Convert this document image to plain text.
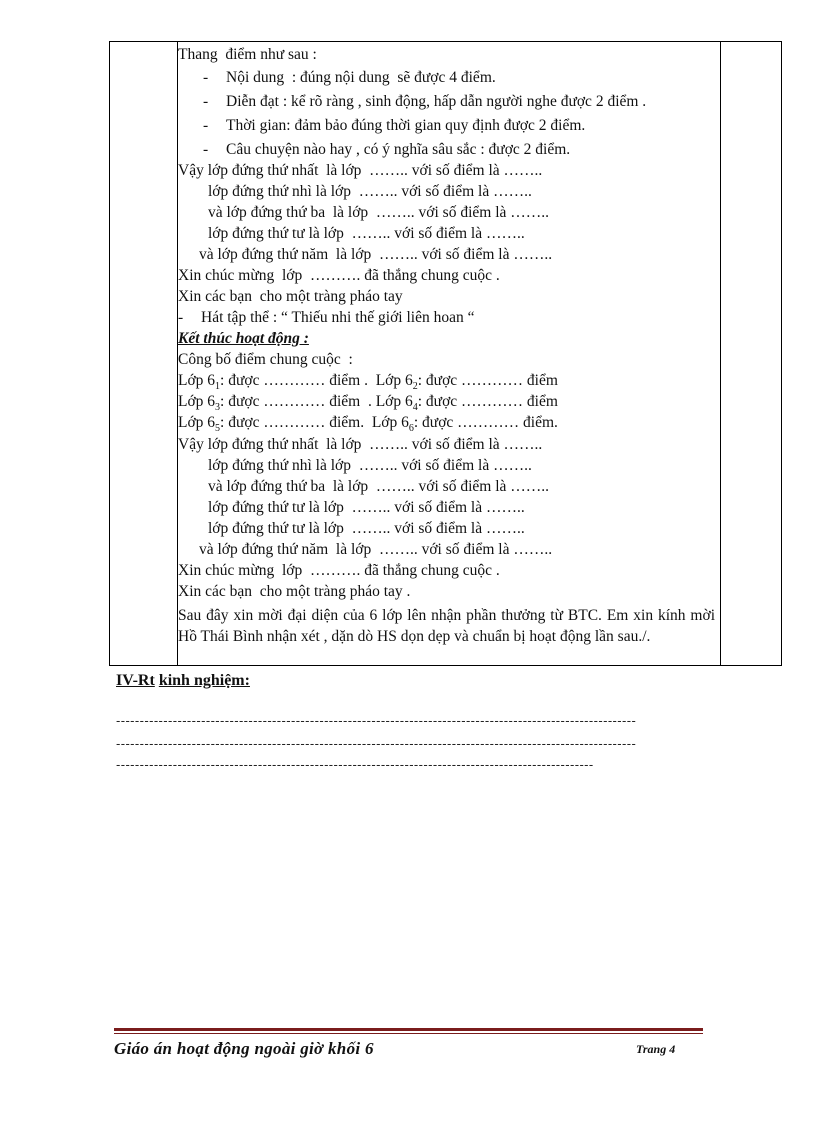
Sau đây xin mời đại diện của 6 lớp lên nhận phần thưởng từ BTC. Em xin kính mời Hồ Thái Bình nhận xét , dặn dò HS dọn dẹp và chuẩn bị hoạt động lần sau./.
Thang  điểm như sau :
- Nội dung  : đúng nội dung  sẽ được 4 điểm.
- Diễn đạt : kể rõ ràng , sinh động, hấp dẫn người nghe được 2 điểm .
- Thời gian: đảm bảo đúng thời gian quy định được 2 điểm.
- Câu chuyện nào hay , có ý nghĩa sâu sắc : được 2 điểm.
Vậy lớp đứng thứ nhất  là lớp  …….. với số điểm là ……..
lớp đứng thứ nhì là lớp  …….. với số điểm là ……..
và lớp đứng thứ ba  là lớp  …….. với số điểm là ……..
lớp đứng thứ tư là lớp  …….. với số điểm là ……..
và lớp đứng thứ năm  là lớp  …….. với số điểm là ……..
Xin chúc mừng  lớp  ………. đã thắng chung cuộc .
Xin các bạn  cho một tràng pháo tay
- Hát tập thể : “ Thiếu nhi thế giới liên hoan “
Kết thúc hoạt động :
Công bố điểm chung cuộc  :
Vậy lớp đứng thứ nhất  là lớp  …….. với số điểm là ……..
lớp đứng thứ nhì là lớp  …….. với số điểm là ……..
và lớp đứng thứ ba  là lớp  …….. với số điểm là ……..
lớp đứng thứ tư là lớp  …….. với số điểm là ……..
lớp đứng thứ tư là lớp  …….. với số điểm là ……..
và lớp đứng thứ năm  là lớp  …….. với số điểm là ……..
Xin chúc mừng  lớp  ………. đã thắng chung cuộc .
Xin các bạn  cho một tràng pháo tay .
Lớp $6_1$: được ………… điểm .  Lớp $6_2$: được ………… điểm
Lớp $6_3$: được ………… điểm  . Lớp $6_4$: được ………… điểm
Lớp $6_5$: được ………… điểm.  Lớp $6_6$: được ………… điểm.
IV-Rt kinh nghiệm:
--------------------------------------------------------------------------------------------------------------
--------------------------------------------------------------------------------------------------------------
-----------------------------------------------------------------------------------------------------
Giáo án hoạt động ngoài giờ khối 6	Trang 4
